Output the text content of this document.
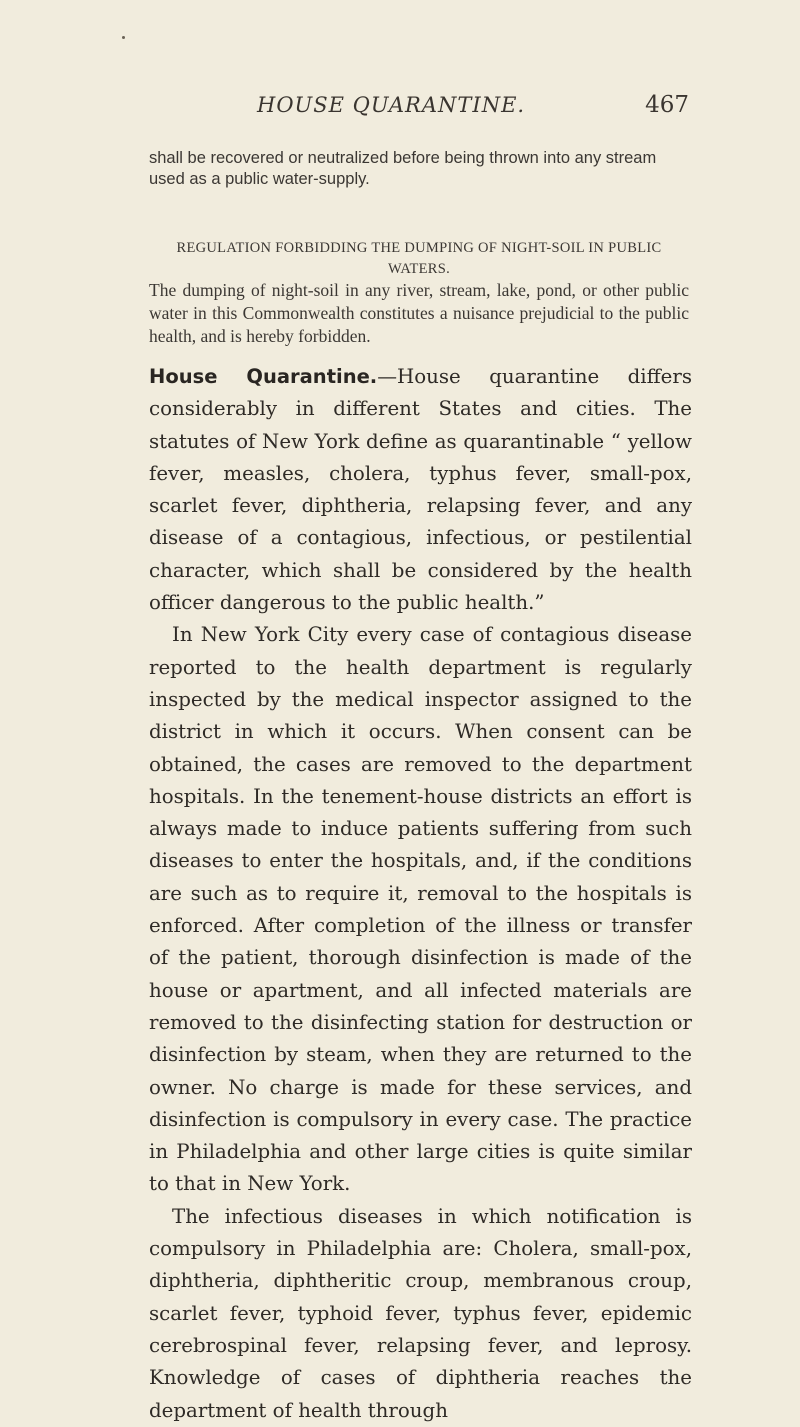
HOUSE QUARANTINE.	467
shall be recovered or neutralized before being thrown into any stream used as a public water-supply.
REGULATION FORBIDDING THE DUMPING OF NIGHT-SOIL IN PUBLIC WATERS.
The dumping of night-soil in any river, stream, lake, pond, or other public water in this Commonwealth constitutes a nuisance prejudicial to the public health, and is hereby forbidden.

House Quarantine.—House quarantine differs considerably in different States and cities. The statutes of New York define as quarantinable “ yellow fever, measles, cholera, typhus fever, small-pox, scarlet fever, diphtheria, relapsing fever, and any disease of a contagious, infectious, or pestilential character, which shall be considered by the health officer dangerous to the public health.”

In New York City every case of contagious disease reported to the health department is regularly inspected by the medical inspector assigned to the district in which it occurs. When consent can be obtained, the cases are removed to the department hospitals. In the tenement-house districts an effort is always made to induce patients suffering from such diseases to enter the hospitals, and, if the conditions are such as to require it, removal to the hospitals is enforced. After completion of the illness or transfer of the patient, thorough disinfection is made of the house or apartment, and all infected materials are removed to the disinfecting station for destruction or disinfection by steam, when they are returned to the owner. No charge is made for these services, and disinfection is compulsory in every case. The practice in Philadelphia and other large cities is quite similar to that in New York.

The infectious diseases in which notification is compulsory in Philadelphia are: Cholera, small-pox, diphtheria, diphtheritic croup, membranous croup, scarlet fever, typhoid fever, typhus fever, epidemic cerebrospinal fever, relapsing fever, and leprosy. Knowledge of cases of diphtheria reaches the department of health through
